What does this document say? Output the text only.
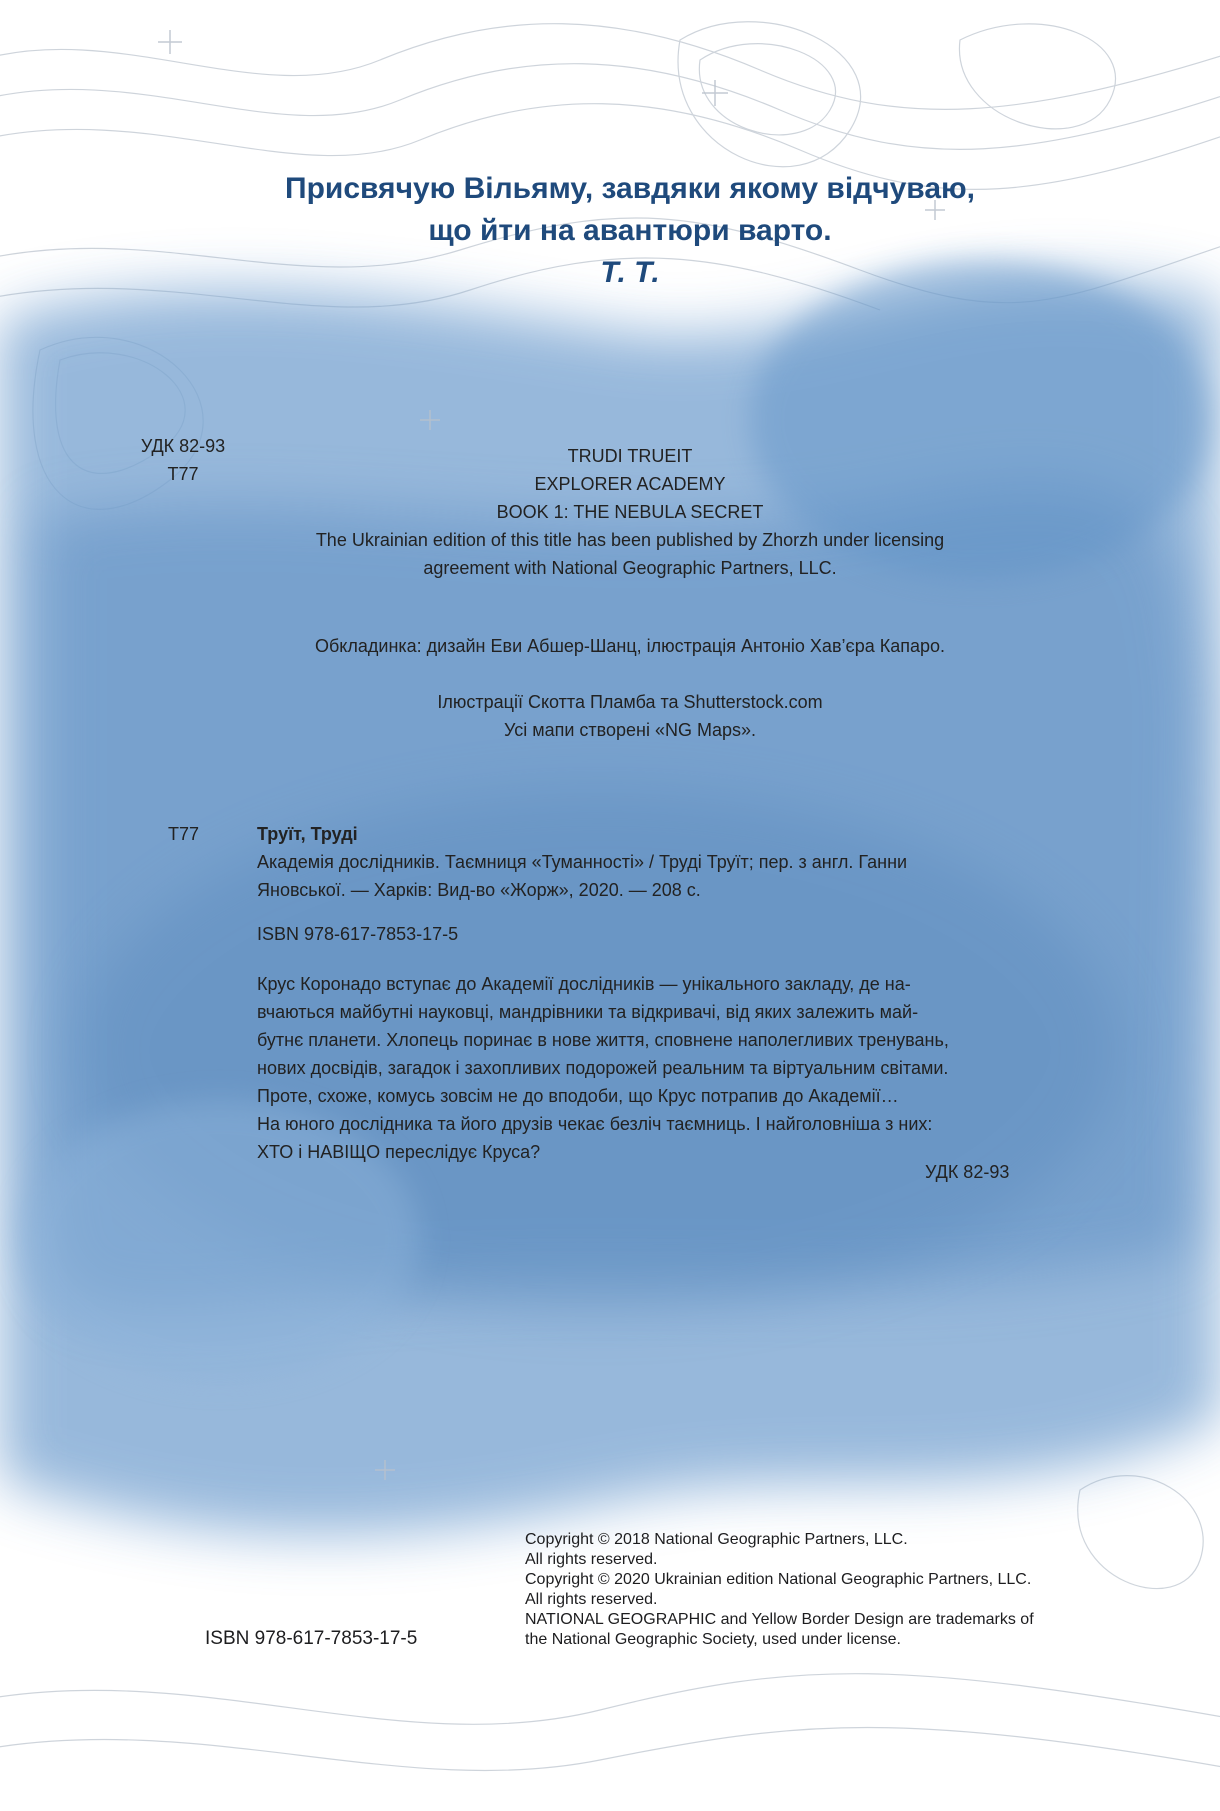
Присвячую Вільяму, завдяки якому відчуваю,
що йти на авантюри варто.
Т. Т.
УДК 82-93
Т77
TRUDI TRUEIT
EXPLORER ACADEMY
BOOK 1: THE NEBULA SECRET
The Ukrainian edition of this title has been published by Zhorzh under licensing
agreement with National Geographic Partners, LLC.
Обкладинка: дизайн Еви Абшер-Шанц, ілюстрація Антоніо Хав’єра Капаро.
Ілюстрації Скотта Пламба та Shutterstock.com
Усі мапи створені «NG Maps».
Т77	Труїт, Труді
Академія дослідників. Таємниця «Туманності» / Труді Труїт; пер. з англ. Ганни
Яновської. — Харків: Вид-во «Жорж», 2020. — 208 с.
ISBN 978-617-7853-17-5
Крус Коронадо вступає до Академії дослідників — унікального закладу, де на-
вчаються майбутні науковці, мандрівники та відкривачі, від яких залежить май-
бутнє планети. Хлопець поринає в нове життя, сповнене наполегливих тренувань,
нових досвідів, загадок і захопливих подорожей реальним та віртуальним світами.
Проте, схоже, комусь зовсім не до вподоби, що Крус потрапив до Академії…
На юного дослідника та його друзів чекає безліч таємниць. І найголовніша з них:
ХТО і НАВІЩО переслідує Круса?
УДК 82-93
Copyright © 2018 National Geographic Partners, LLC.
All rights reserved.
Copyright © 2020 Ukrainian edition National Geographic Partners, LLC.
All rights reserved.
NATIONAL GEOGRAPHIC and Yellow Border Design are trademarks of
the National Geographic Society, used under license.
ISBN 978-617-7853-17-5
